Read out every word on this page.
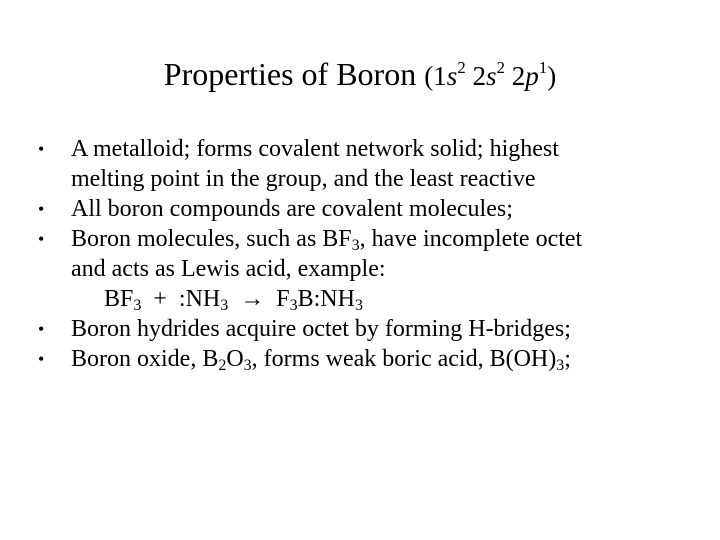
Properties of Boron ($1s^2$ $2s^2$ $2p^1$)
• A metalloid; forms covalent network solid; highest
melting point in the group, and the least reactive
• All boron compounds are covalent molecules;
• Boron molecules, such as $BF_3$, have incomplete octet
and acts as Lewis acid, example:
$BF_3$  +  $:NH_3$  →  $F_3B:NH_3$
• Boron hydrides acquire octet by forming H-bridges;
• Boron oxide, $B_2O_3$, forms weak boric acid, $B(OH)_3$;
